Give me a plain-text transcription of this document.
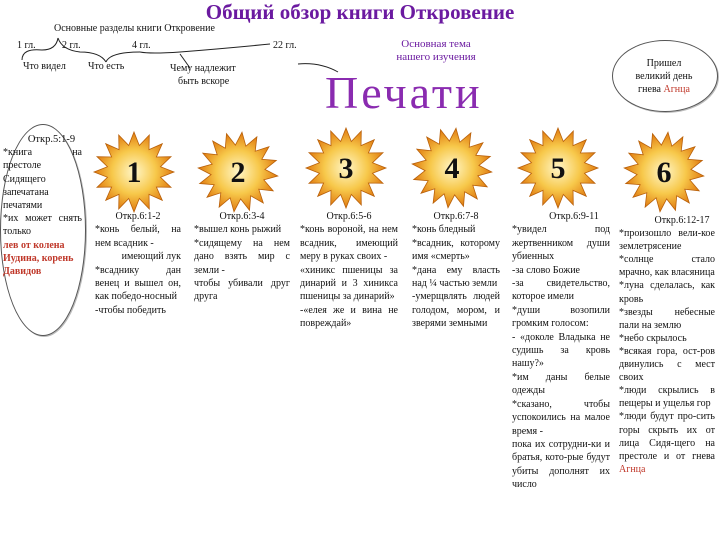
Общий обзор книги Откровение
Основные разделы книги Откровение
1 гл.	2 гл.	4 гл.	22 гл.
Что видел Что есть	Чему надлежит
быть вскоре
Основная тема
нашего изучения
Печати
Пришел
великий день
гнева Агнца
Откр.5:1-9
*книга на престоле Сидящего запечатана печатями
*их может снять только
лев от колена Иудина, корень Давидов
1	2	3	4	5	6

Откр.6:1-2

*конь белый, на нем всадник -

имеющий лук

*всаднику дан венец и вышел он, как победо-носный

-чтобы победить

Откр.6:3-4

*вышел конь рыжий

*сидящему на нем дано взять мир с земли -

чтобы убивали друг друга

Откр.6:5-6

*конь вороной, на нем всадник, имеющий меру в руках своих -

«хиникс пшеницы за динарий и 3 хиникса пшеницы за динарий»

-«елея же и вина не повреждай»

Откр.6:7-8

*конь бледный

*всадник, которому имя «смерть»

*дана ему власть над ¼ частью земли

-умерщвлять людей голодом, мором, и зверями земными

Откр.6:9-11

*увидел под жертвенником души убиенных

-за слово Божие

-за свидетельство, которое имели

*души возопили громким голосом:

- «доколе Владыка не судишь за кровь нашу?»

*им даны белые одежды

*сказано, чтобы успокоились на малое время -

пока их сотрудни-ки и братья, кото-рые будут убиты дополнят их число

Откр.6:12-17

*произошло вели-кое землетрясение

*солнце стало мрачно, как власяница

*луна сделалась, как кровь

*звезды небесные пали на землю

*небо скрылось

*всякая гора, ост-ров двинулись с мест своих

*люди скрылись в пещеры и ущелья гор

*люди будут про-сить горы скрыть их от лица Сидя-щего на престоле и от гнева Агнца
